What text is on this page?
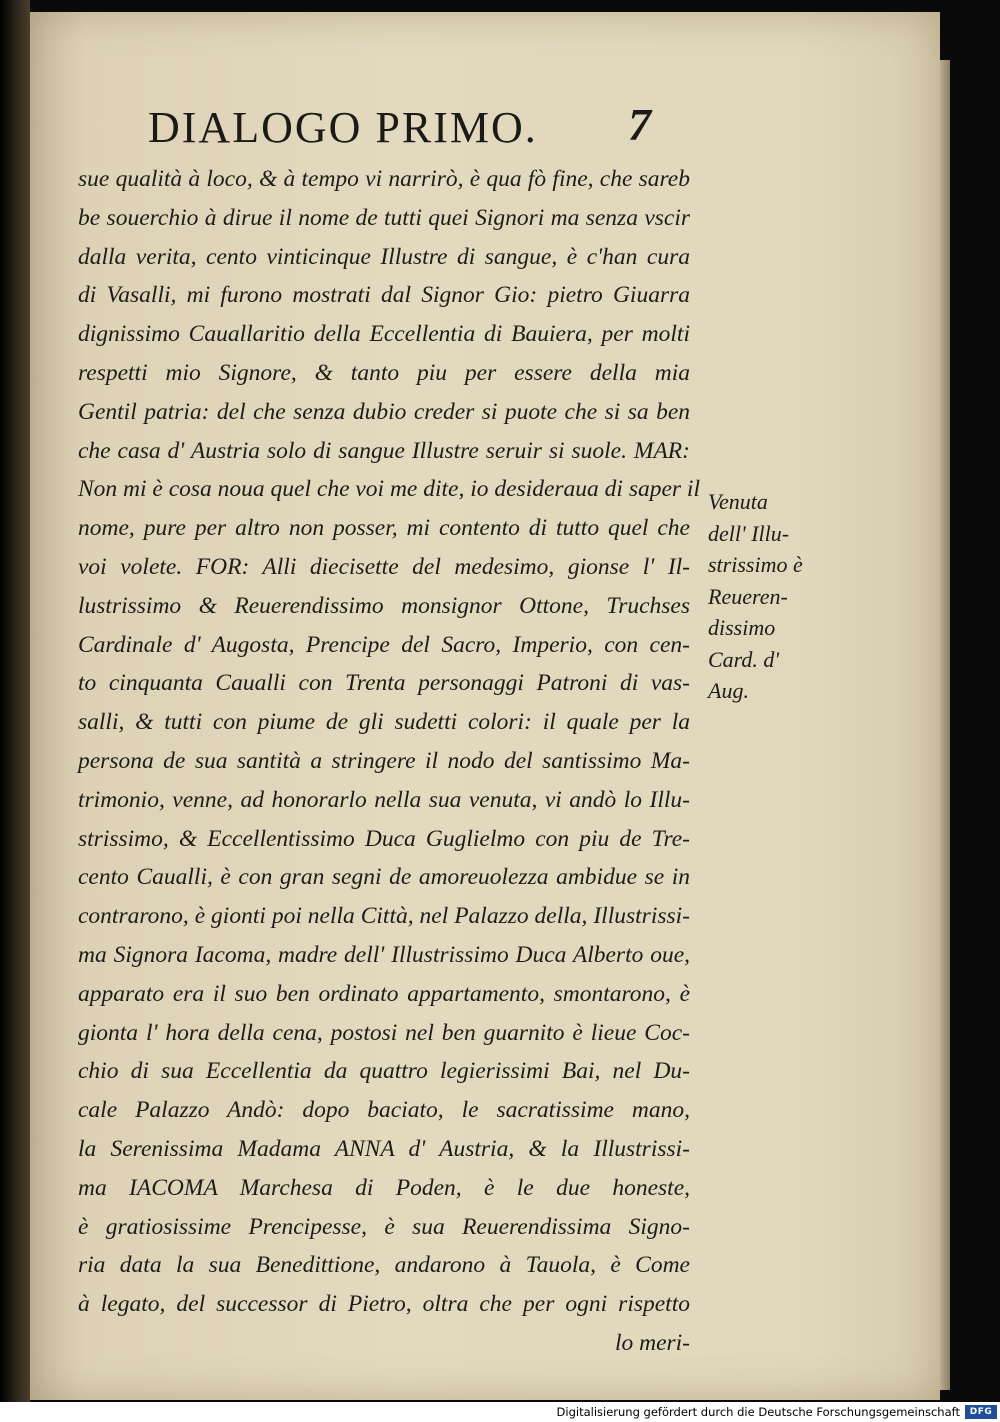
DIALOGO PRIMO. 7
sue qualità à loco, & à tempo vi narrirò, è qua fò fine, che sareb
be souerchio à dirue il nome de tutti quei Signori ma senza vscir
dalla verita, cento vinticinque Illustre di sangue, è c'han cura
di Vasalli, mi furono mostrati dal Signor Gio: pietro Giuarra
dignissimo Cauallaritio della Eccellentia di Bauiera, per molti
respetti mio Signore, & tanto piu per essere della mia
Gentil patria: del che senza dubio creder si puote che si sa ben
che casa d' Austria solo di sangue Illustre seruir si suole. MAR:
Non mi è cosa noua quel che voi me dite, io desideraua di saper il
nome, pure per altro non posser, mi contento di tutto quel che
voi volete. FOR: Alli diecisette del medesimo, gionse l' Il-
lustrissimo & Reuerendissimo monsignor Ottone, Truchses
Cardinale d' Augosta, Prencipe del Sacro, Imperio, con cen-
to cinquanta Caualli con Trenta personaggi Patroni di vas-
salli, & tutti con piume de gli sudetti colori: il quale per la
persona de sua santità a stringere il nodo del santissimo Ma-
trimonio, venne, ad honorarlo nella sua venuta, vi andò lo Illu-
strissimo, & Eccellentissimo Duca Guglielmo con piu de Tre-
cento Caualli, è con gran segni de amoreuolezza ambidue se in
contrarono, è gionti poi nella Città, nel Palazzo della, Illustrissi-
ma Signora Iacoma, madre dell' Illustrissimo Duca Alberto oue,
apparato era il suo ben ordinato appartamento, smontarono, è
gionta l' hora della cena, postosi nel ben guarnito è lieue Coc-
chio di sua Eccellentia da quattro legierissimi Bai, nel Du-
cale Palazzo Andò: dopo baciato, le sacratissime mano,
la Serenissima Madama ANNA d' Austria, & la Illustrissi-
ma IACOMA Marchesa di Poden, è le due honeste,
è gratiosissime Prencipesse, è sua Reuerendissima Signo-
ria data la sua Benedittione, andarono à Tauola, è Come
à legato, del successor di Pietro, oltra che per ogni rispetto
lo meri-
Venuta
dell' Illu-
strissimo è
Reueren-
dissimo
Card. d'
Aug.
Digitalisierung gefördert durch die Deutsche Forschungsgemeinschaft	DFG
